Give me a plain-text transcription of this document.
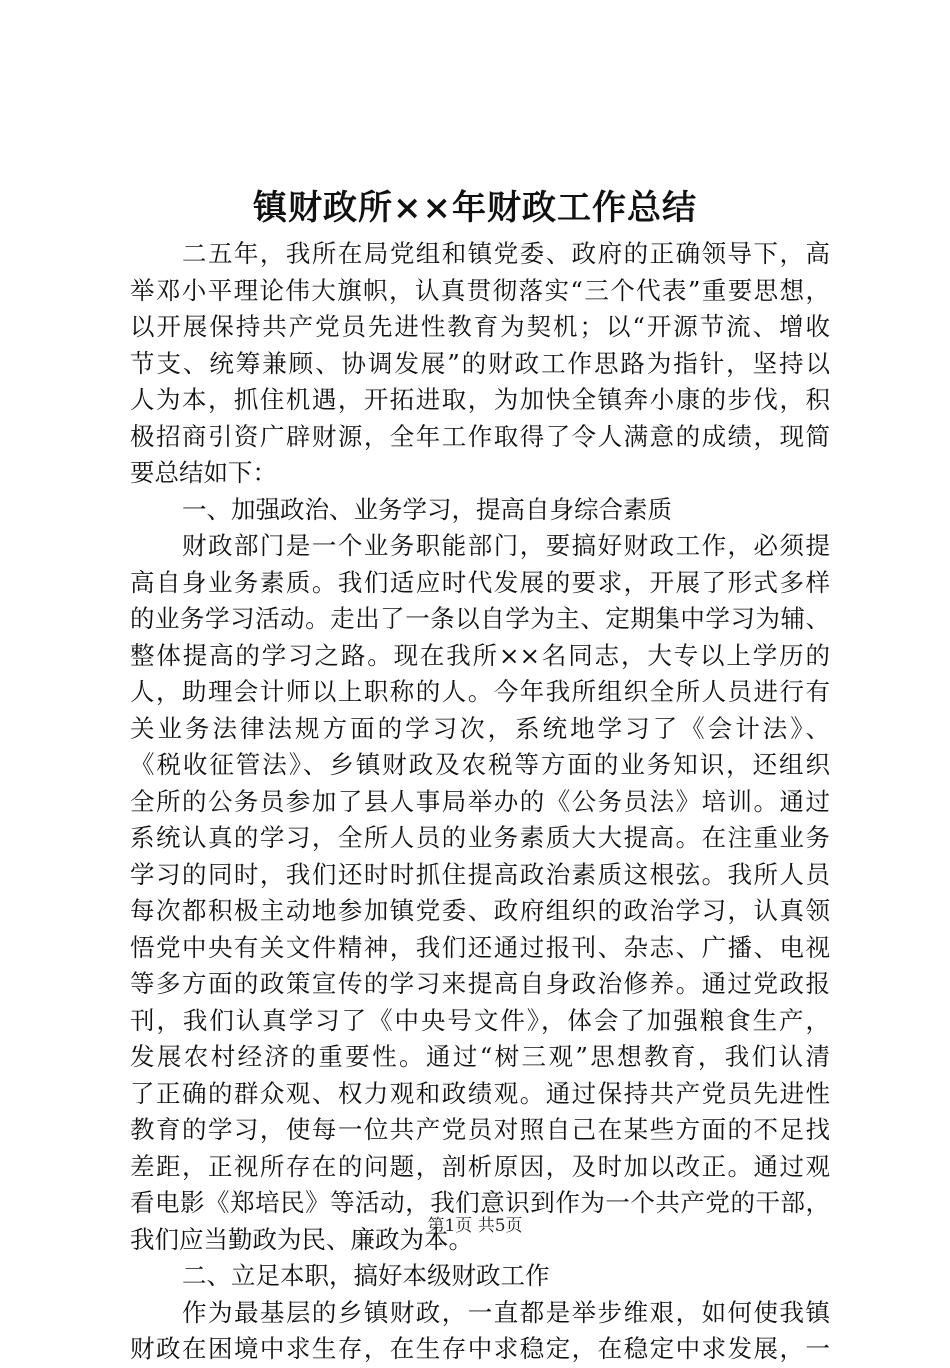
镇财政所××年财政工作总结
二五年，我所在局党组和镇党委、政府的正确领导下，高
举邓小平理论伟大旗帜，认真贯彻落实“三个代表”重要思想，
以开展保持共产党员先进性教育为契机；以“开源节流、增收
节支、统筹兼顾、协调发展”的财政工作思路为指针，坚持以
人为本，抓住机遇，开拓进取，为加快全镇奔小康的步伐，积
极招商引资广辟财源，全年工作取得了令人满意的成绩，现简
要总结如下：
一、加强政治、业务学习，提高自身综合素质
财政部门是一个业务职能部门，要搞好财政工作，必须提
高自身业务素质。我们适应时代发展的要求，开展了形式多样
的业务学习活动。走出了一条以自学为主、定期集中学习为辅、
整体提高的学习之路。现在我所××名同志，大专以上学历的
人，助理会计师以上职称的人。今年我所组织全所人员进行有
关业务法律法规方面的学习次，系统地学习了《会计法》、
《税收征管法》、乡镇财政及农税等方面的业务知识，还组织
全所的公务员参加了县人事局举办的《公务员法》培训。通过
系统认真的学习，全所人员的业务素质大大提高。在注重业务
学习的同时，我们还时时抓住提高政治素质这根弦。我所人员
每次都积极主动地参加镇党委、政府组织的政治学习，认真领
悟党中央有关文件精神，我们还通过报刊、杂志、广播、电视
等多方面的政策宣传的学习来提高自身政治修养。通过党政报
刊，我们认真学习了《中央号文件》，体会了加强粮食生产，
发展农村经济的重要性。通过“树三观”思想教育，我们认清
了正确的群众观、权力观和政绩观。通过保持共产党员先进性
教育的学习，使每一位共产党员对照自己在某些方面的不足找
差距，正视所存在的问题，剖析原因，及时加以改正。通过观
看电影《郑培民》等活动，我们意识到作为一个共产党的干部，
我们应当勤政为民、廉政为本。
二、立足本职，搞好本级财政工作
作为最基层的乡镇财政，一直都是举步维艰，如何使我镇
财政在困境中求生存，在生存中求稳定，在稳定中求发展，一
第1页 共5页
